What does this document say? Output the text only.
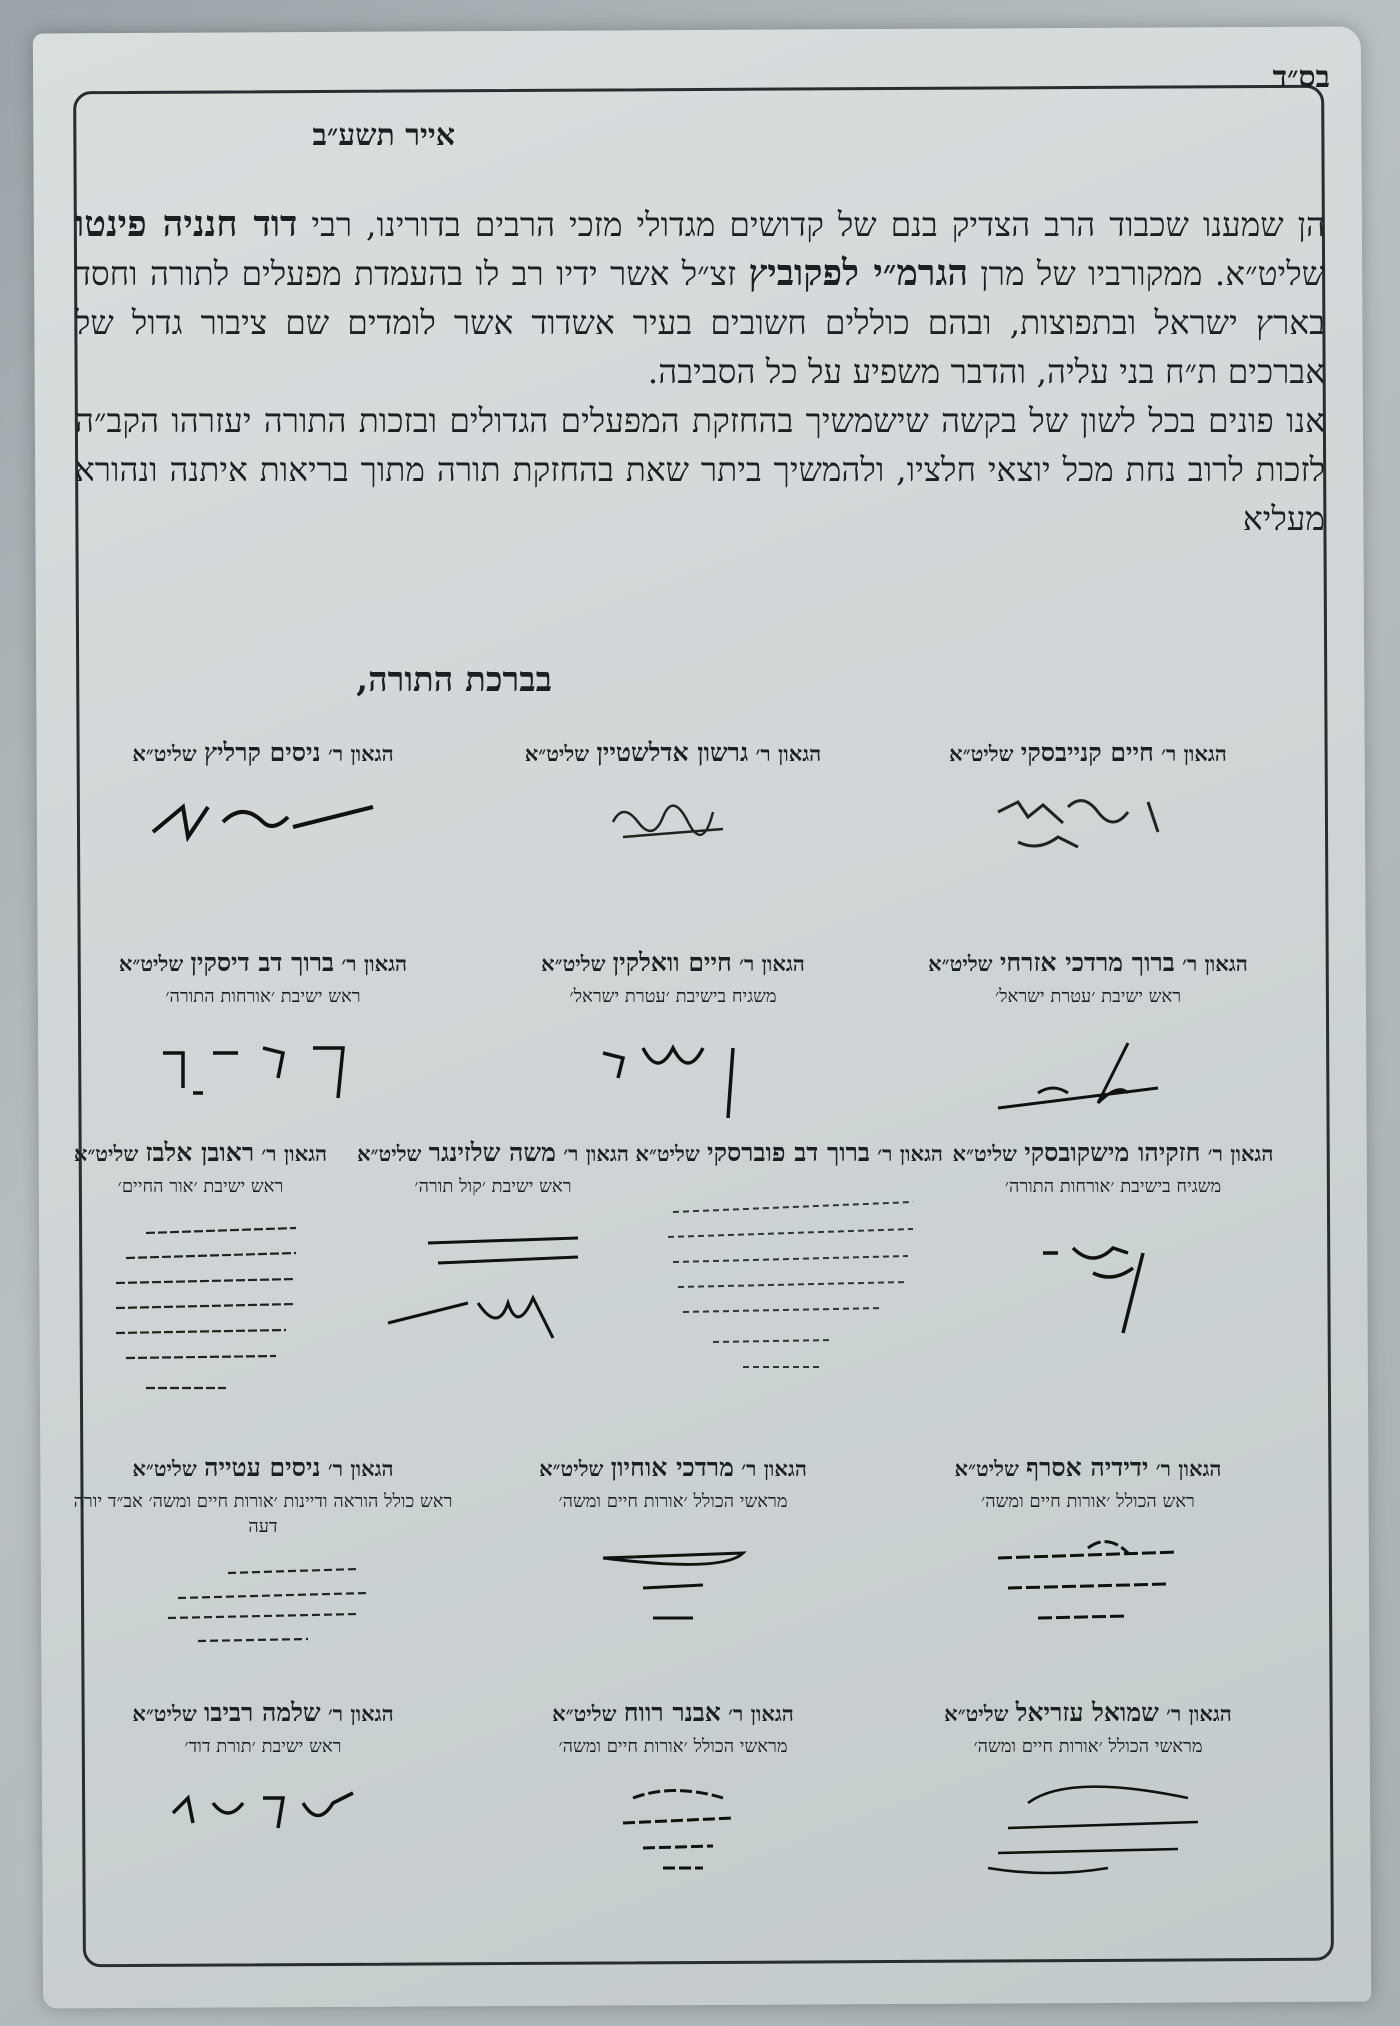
בס״ד
אייר תשע״ב

הן שמענו שכבוד הרב הצדיק בנם של קדושים מגדולי מזכי הרבים בדורינו, רבי דוד חנניה פינטו שליט״א. ממקורביו של מרן הגרמ״י לפקוביץ זצ״ל אשר ידיו רב לו בהעמדת מפעלים לתורה וחסד בארץ ישראל ובתפוצות, ובהם כוללים חשובים בעיר אשדוד אשר לומדים שם ציבור גדול של אברכים ת״ח בני עליה, והדבר משפיע על כל הסביבה.

אנו פונים בכל לשון של בקשה שישמשיך בהחזקת המפעלים הגדולים ובזכות התורה יעזרהו הקב״ה לזכות לרוב נחת מכל יוצאי חלציו, ולהמשיך ביתר שאת בהחזקת תורה מתוך בריאות איתנה ונהורא מעליא

בברכת התורה,
הגאון ר׳ חיים קנייבסקי שליט״א
הגאון ר׳ גרשון אדלשטיין שליט״א
הגאון ר׳ ניסים קרליץ שליט״א
הגאון ר׳ ברוך מרדכי אזרחי שליט״א
ראש ישיבת ׳עטרת ישראל׳
הגאון ר׳ חיים וואלקין שליט״א
משגיח בישיבת ׳עטרת ישראל׳
הגאון ר׳ ברוך דב דיסקין שליט״א
ראש ישיבת ׳אורחות התורה׳
הגאון ר׳ חזקיהו מישקובסקי שליט״א
משגיח בישיבת ׳אורחות התורה׳
הגאון ר׳ ברוך דב פוברסקי שליט״א
הגאון ר׳ משה שלזינגר שליט״א
ראש ישיבת ׳קול תורה׳
הגאון ר׳ ראובן אלבז שליט״א
ראש ישיבת ׳אור החיים׳
הגאון ר׳ ידידיה אסרף שליט״א
ראש הכולל ׳אורות חיים ומשה׳
הגאון ר׳ מרדכי אוחיון שליט״א
מראשי הכולל ׳אורות חיים ומשה׳
הגאון ר׳ ניסים עטייה שליט״א
ראש כולל הוראה ודיינות ׳אורות חיים ומשה׳ אב״ד יורה דעה
הגאון ר׳ שמואל עזריאל שליט״א
מראשי הכולל ׳אורות חיים ומשה׳
הגאון ר׳ אבנר רווח שליט״א
מראשי הכולל ׳אורות חיים ומשה׳
הגאון ר׳ שלמה רביבו שליט״א
ראש ישיבת ׳תורת דוד׳
